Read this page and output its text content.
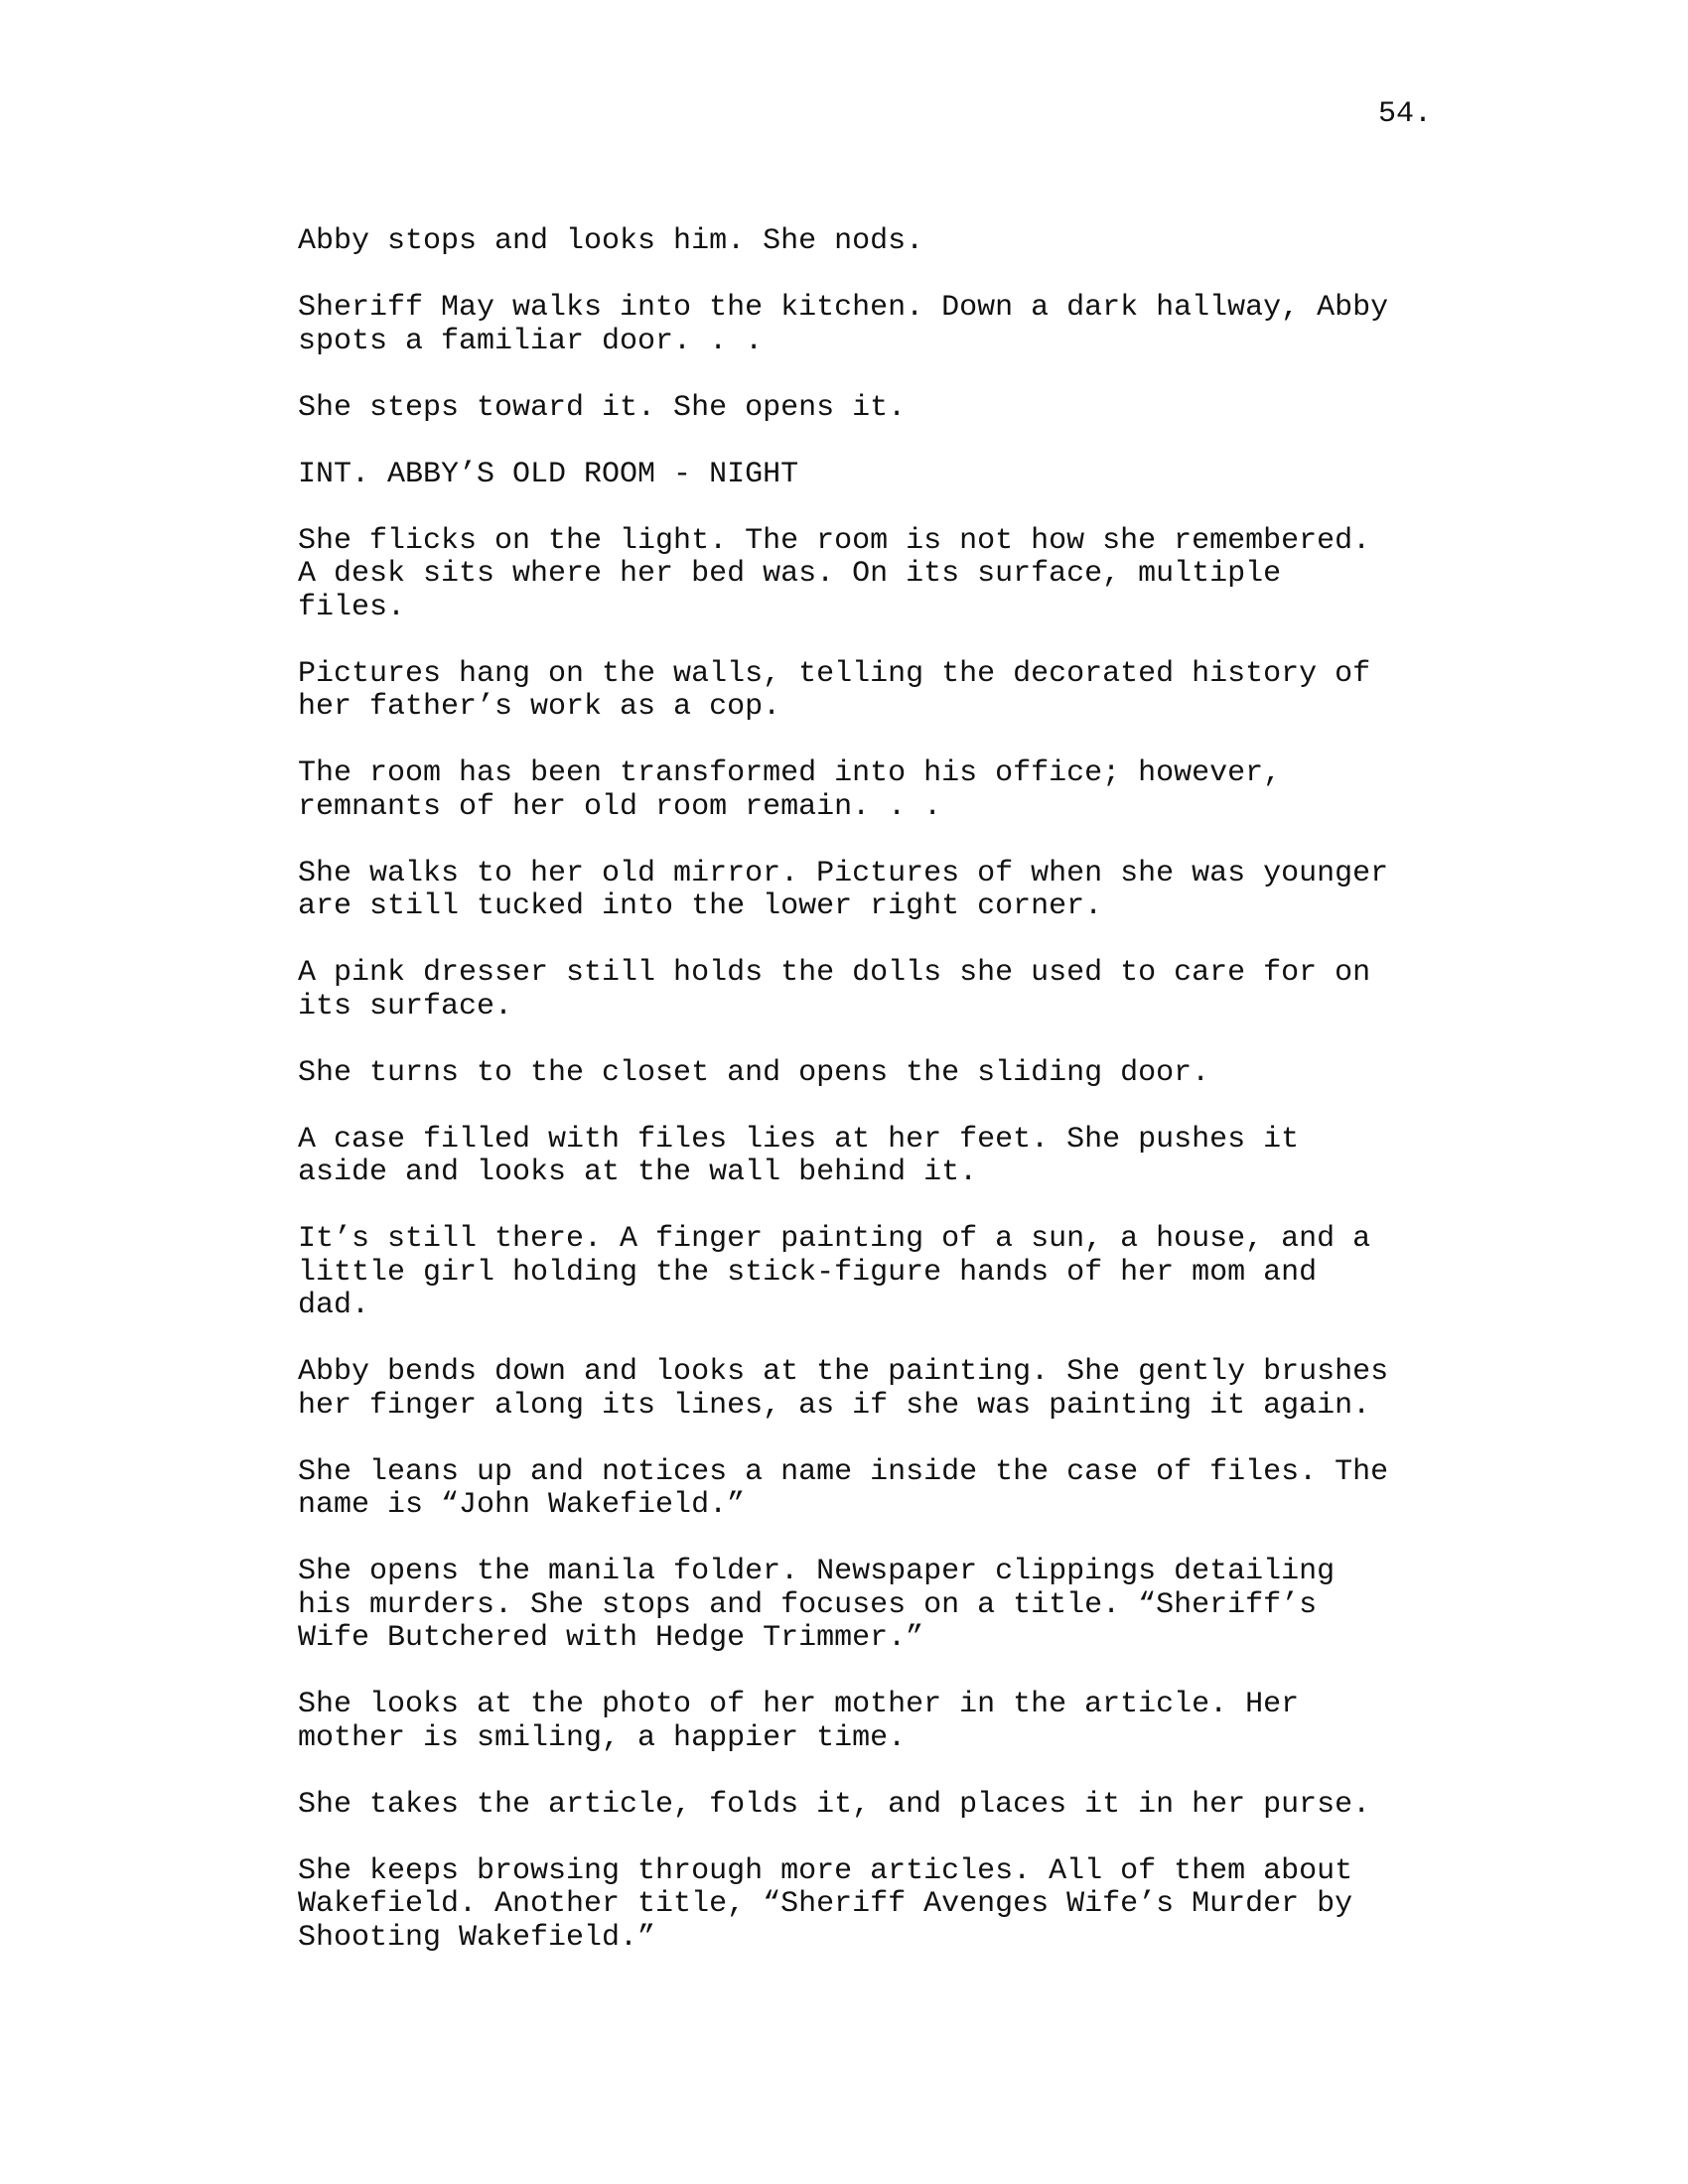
54.
Abby stops and looks him. She nods.
Sheriff May walks into the kitchen. Down a dark hallway, Abby
spots a familiar door. . .
She steps toward it. She opens it.
INT. ABBY’S OLD ROOM - NIGHT
She flicks on the light. The room is not how she remembered.
A desk sits where her bed was. On its surface, multiple
files.
Pictures hang on the walls, telling the decorated history of
her father’s work as a cop.
The room has been transformed into his office; however,
remnants of her old room remain. . .
She walks to her old mirror. Pictures of when she was younger
are still tucked into the lower right corner.
A pink dresser still holds the dolls she used to care for on
its surface.
She turns to the closet and opens the sliding door.
A case filled with files lies at her feet. She pushes it
aside and looks at the wall behind it.
It’s still there. A finger painting of a sun, a house, and a
little girl holding the stick-figure hands of her mom and
dad.
Abby bends down and looks at the painting. She gently brushes
her finger along its lines, as if she was painting it again.
She leans up and notices a name inside the case of files. The
name is “John Wakefield.”
She opens the manila folder. Newspaper clippings detailing
his murders. She stops and focuses on a title. “Sheriff’s
Wife Butchered with Hedge Trimmer.”
She looks at the photo of her mother in the article. Her
mother is smiling, a happier time.
She takes the article, folds it, and places it in her purse.
She keeps browsing through more articles. All of them about
Wakefield. Another title, “Sheriff Avenges Wife’s Murder by
Shooting Wakefield.”
